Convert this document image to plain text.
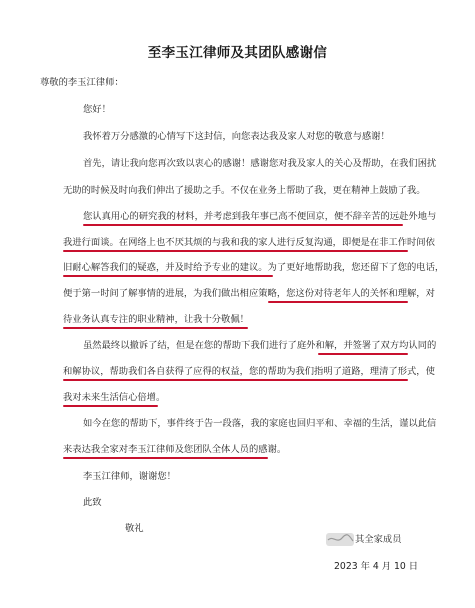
至李玉江律师及其团队感谢信
尊敬的李玉江律师：
您好！
我怀着万分感激的心情写下这封信，向您表达我及家人对您的敬意与感谢！
首先，请让我向您再次致以衷心的感谢！感谢您对我及家人的关心及帮助，在我们困扰
无助的时候及时向我们伸出了援助之手。不仅在业务上帮助了我，更在精神上鼓励了我。
您认真用心的研究我的材料，并考虑到我年事已高不便回京，便不辞辛苦的远赴外地与
我进行面谈。在网络上也不厌其烦的与我和我的家人进行反复沟通，即便是在非工作时间依
旧耐心解答我们的疑惑，并及时给予专业的建议。为了更好地帮助我，您还留下了您的电话，
便于第一时间了解事情的进展，为我们做出相应策略，您这份对待老年人的关怀和理解，对
待业务认真专注的职业精神，让我十分敬佩！
虽然最终以撤诉了结，但是在您的帮助下我们进行了庭外和解，并签署了双方均认同的
和解协议，帮助我们各自获得了应得的权益，您的帮助为我们指明了道路，理清了形式，使
我对未来生活信心倍增。
如今在您的帮助下，事件终于告一段落，我的家庭也回归平和、幸福的生活，谨以此信
来表达我全家对李玉江律师及您团队全体人员的感谢。
李玉江律师，谢谢您！
此致
敬礼
其全家成员
2023 年 4 月 10 日
